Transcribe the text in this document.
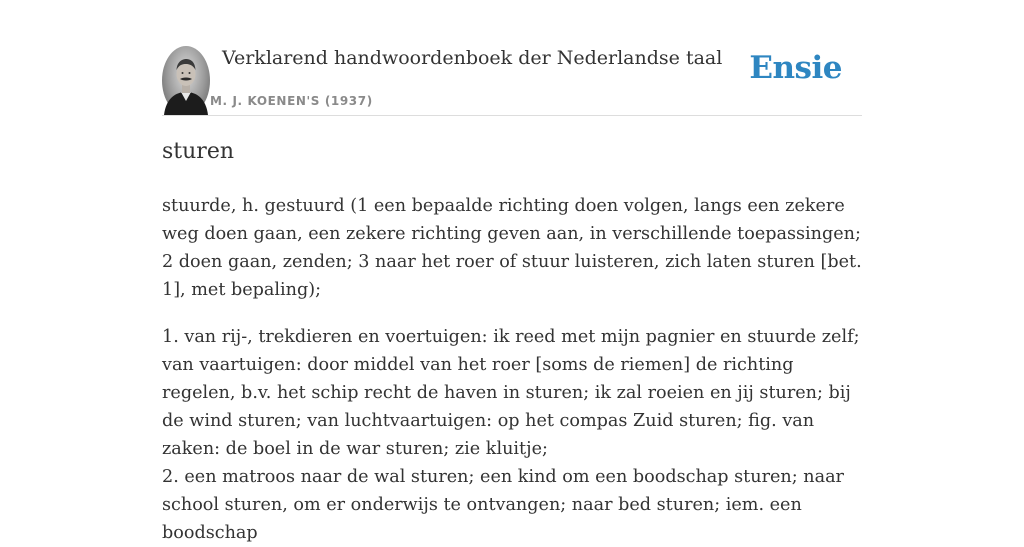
Verklarend handwoordenboek der Nederlandse taal
M. J. KOENEN'S (1937)
Ensie
sturen

stuurde, h. gestuurd (1 een bepaalde richting doen volgen, langs een zekere weg doen gaan, een zekere richting geven aan, in verschillende toepassingen; 2 doen gaan, zenden; 3 naar het roer of stuur luisteren, zich laten sturen [bet. 1], met bepaling);

1. van rij-, trekdieren en voertuigen: ik reed met mijn pagnier en stuurde zelf; van vaartuigen: door middel van het roer [soms de riemen] de richting regelen, b.v. het schip recht de haven in sturen; ik zal roeien en jij sturen; bij de wind sturen; van luchtvaartuigen: op het compas Zuid sturen; fig. van zaken: de boel in de war sturen; zie kluitje;
2. een matroos naar de wal sturen; een kind om een boodschap sturen; naar school sturen, om er onderwijs te ontvangen; naar bed sturen; iem. een boodschap
